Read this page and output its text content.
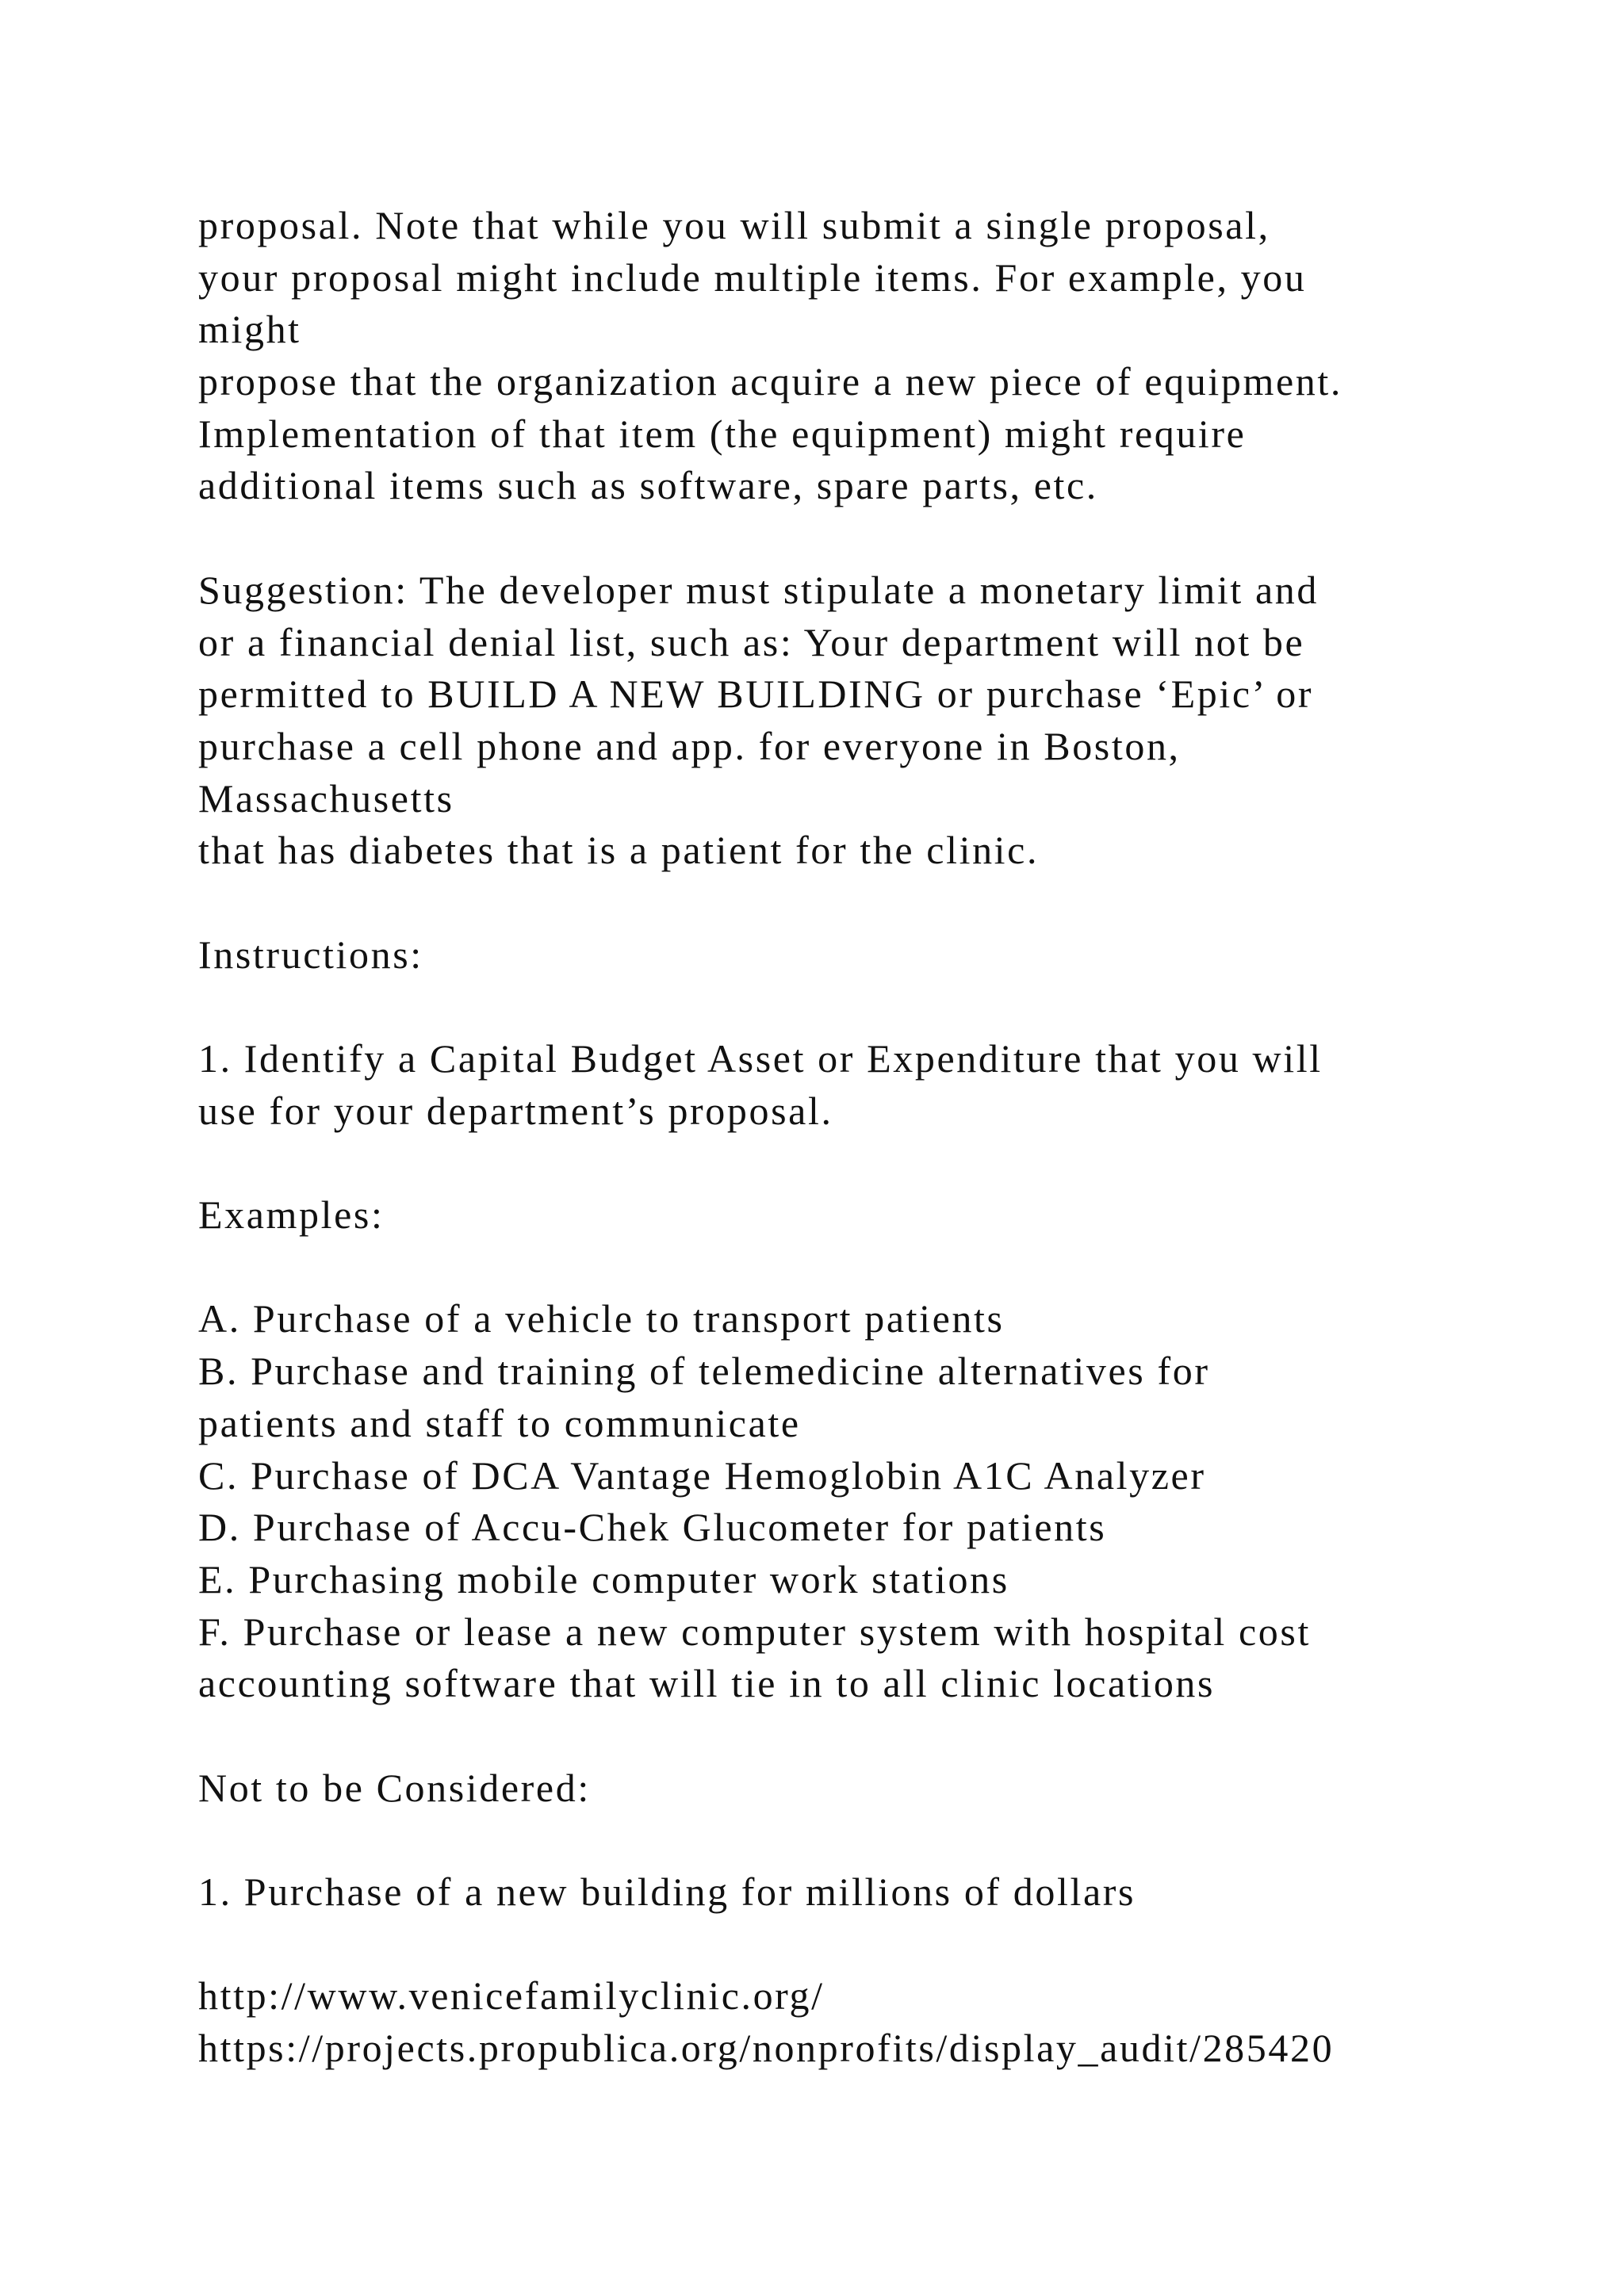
proposal. Note that while you will submit a single proposal,
your proposal might include multiple items. For example, you
might
propose that the organization acquire a new piece of equipment.
Implementation of that item (the equipment) might require
additional items such as software, spare parts, etc.
Suggestion: The developer must stipulate a monetary limit and
or a financial denial list, such as: Your department will not be
permitted to BUILD A NEW BUILDING or purchase ‘Epic’ or
purchase a cell phone and app. for everyone in Boston,
Massachusetts
that has diabetes that is a patient for the clinic.
Instructions:
1. Identify a Capital Budget Asset or Expenditure that you will
use for your department’s proposal.
Examples:
A. Purchase of a vehicle to transport patients
B. Purchase and training of telemedicine alternatives for
patients and staff to communicate
C. Purchase of DCA Vantage Hemoglobin A1C Analyzer
D. Purchase of Accu-Chek Glucometer for patients
E. Purchasing mobile computer work stations
F. Purchase or lease a new computer system with hospital cost
accounting software that will tie in to all clinic locations
Not to be Considered:
1. Purchase of a new building for millions of dollars
http://www.venicefamilyclinic.org/
https://projects.propublica.org/nonprofits/display_audit/285420
